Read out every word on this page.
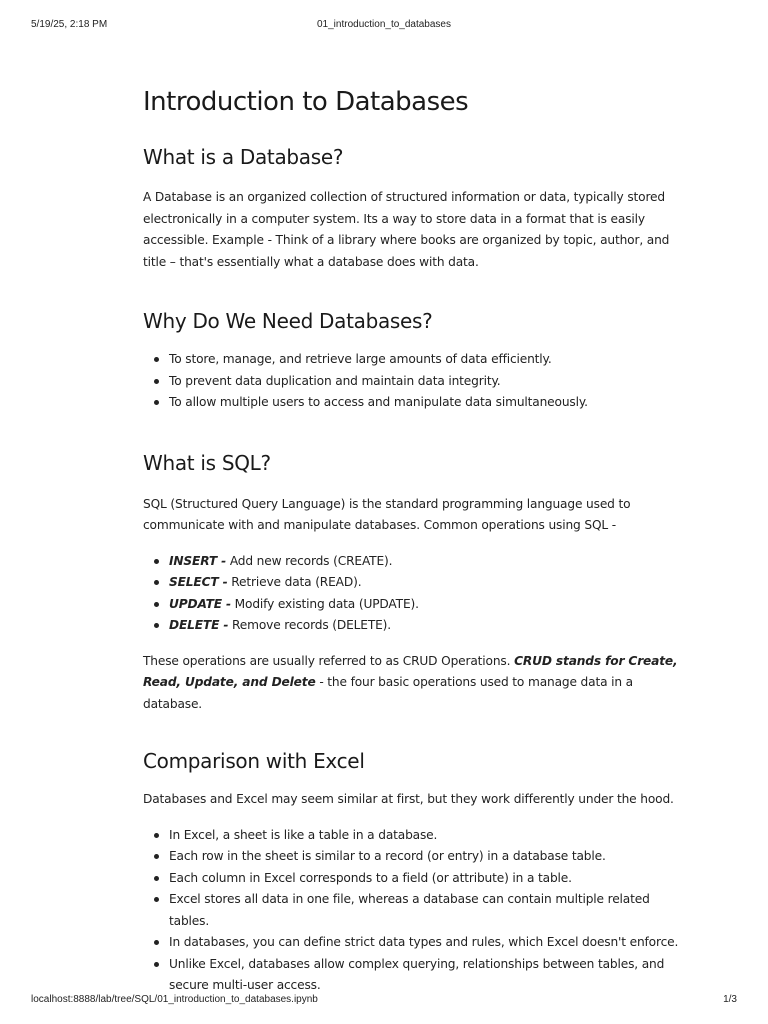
5/19/25, 2:18 PM	01_introduction_to_databases
Introduction to Databases
What is a Database?

A Database is an organized collection of structured information or data, typically stored electronically in a computer system. Its a way to store data in a format that is easily accessible. Example - Think of a library where books are organized by topic, author, and title – that's essentially what a database does with data.

Why Do We Need Databases?
To store, manage, and retrieve large amounts of data efficiently.
To prevent data duplication and maintain data integrity.
To allow multiple users to access and manipulate data simultaneously.
What is SQL?

SQL (Structured Query Language) is the standard programming language used to communicate with and manipulate databases. Common operations using SQL -

INSERT - Add new records (CREATE).
SELECT - Retrieve data (READ).
UPDATE - Modify existing data (UPDATE).
DELETE - Remove records (DELETE).

These operations are usually referred to as CRUD Operations. CRUD stands for Create, Read, Update, and Delete - the four basic operations used to manage data in a database.

Comparison with Excel

Databases and Excel may seem similar at first, but they work differently under the hood.

In Excel, a sheet is like a table in a database.
Each row in the sheet is similar to a record (or entry) in a database table.
Each column in Excel corresponds to a field (or attribute) in a table.
Excel stores all data in one file, whereas a database can contain multiple related tables.
In databases, you can define strict data types and rules, which Excel doesn't enforce.
Unlike Excel, databases allow complex querying, relationships between tables, and secure multi-user access.
localhost:8888/lab/tree/SQL/01_introduction_to_databases.ipynb	1/3
